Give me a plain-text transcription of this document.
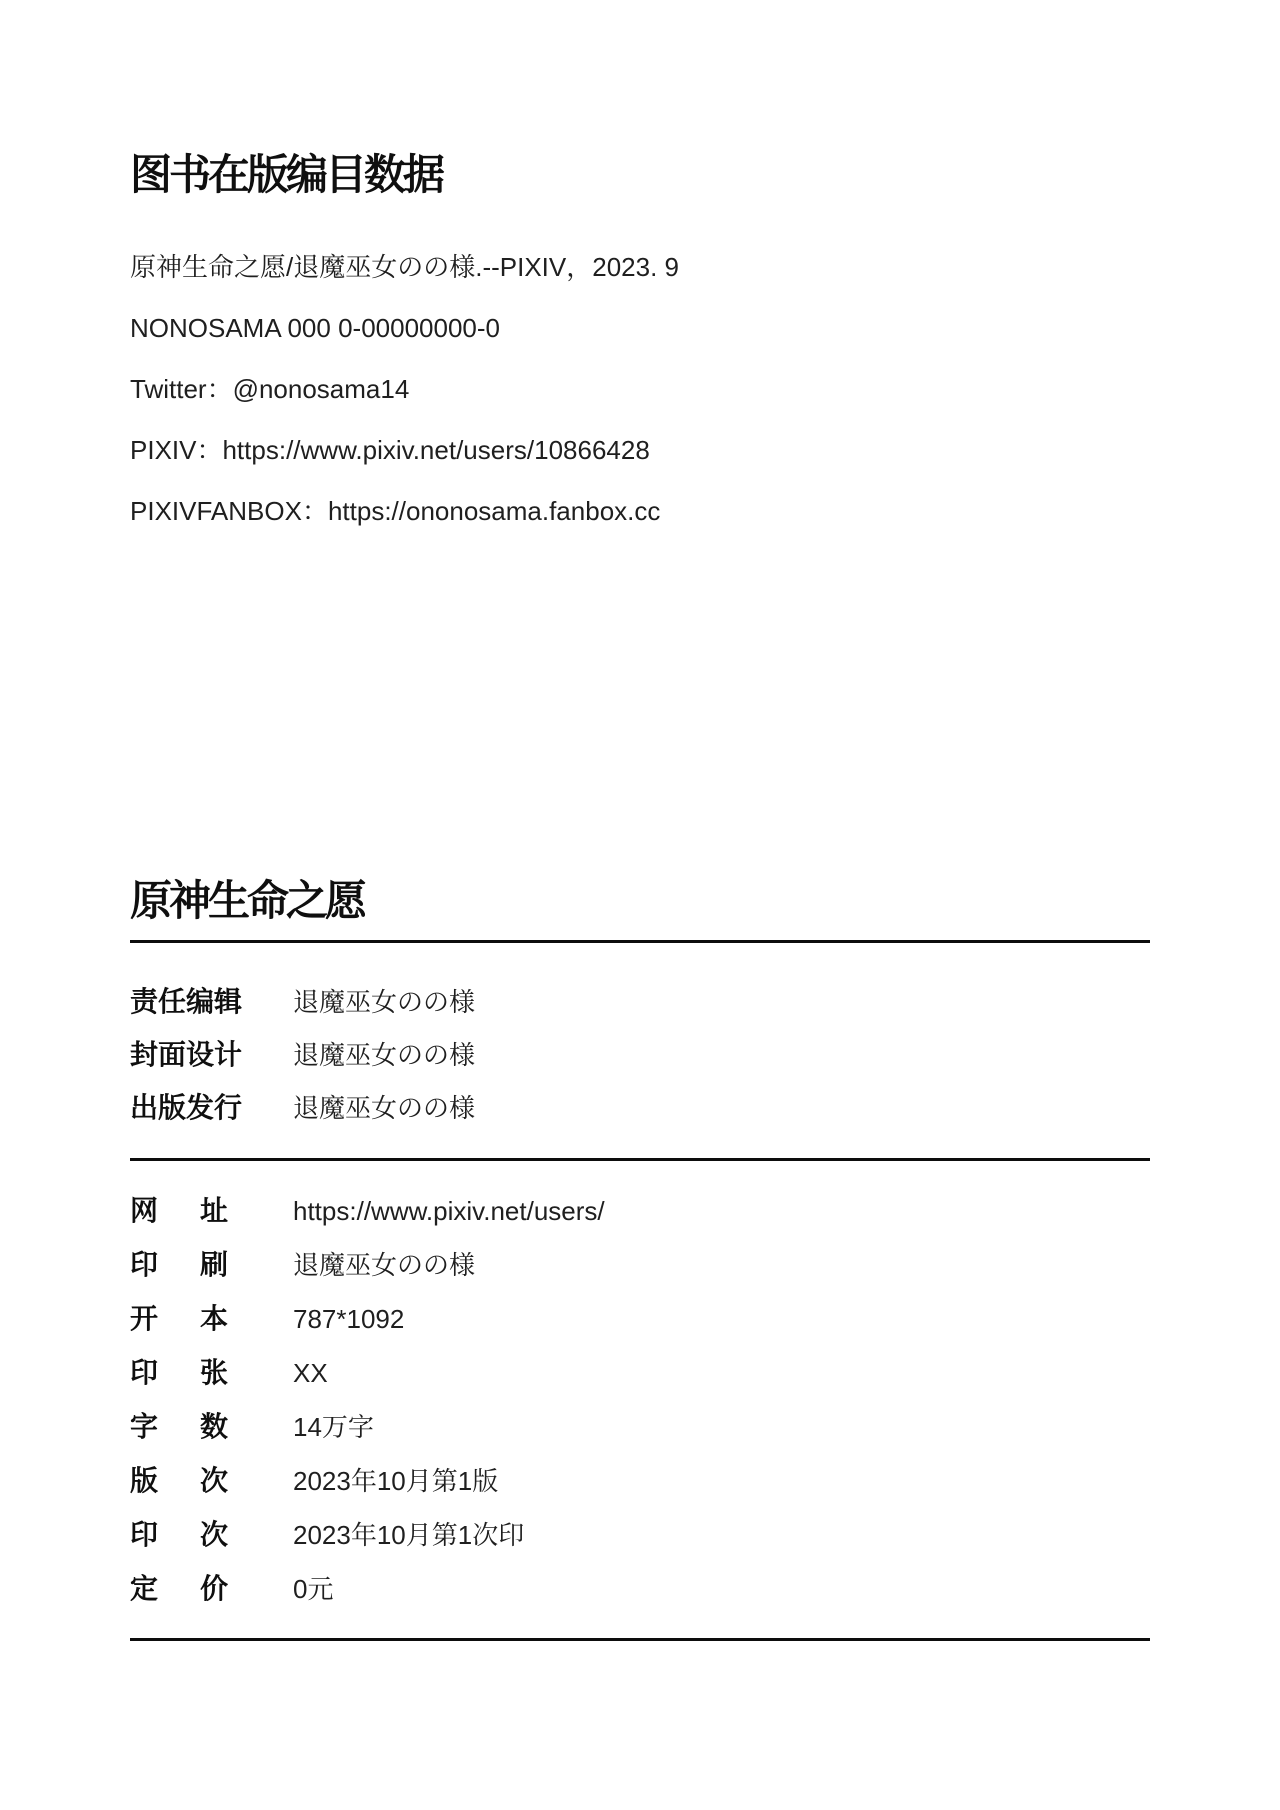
图书在版编目数据

原神生命之愿/退魔巫女のの様.--PIXIV，2023. 9

NONOSAMA 000 0-00000000-0

Twitter：@nonosama14

PIXIV：https://www.pixiv.net/users/10866428

PIXIVFANBOX：https://ononosama.fanbox.cc

原神生命之愿
责任编辑	退魔巫女のの様
封面设计	退魔巫女のの様
出版发行	退魔巫女のの様
网址	https://www.pixiv.net/users/
印刷	退魔巫女のの様
开本	787*1092
印张	XX
字数	14万字
版次	2023年10月第1版
印次	2023年10月第1次印
定价	0元
